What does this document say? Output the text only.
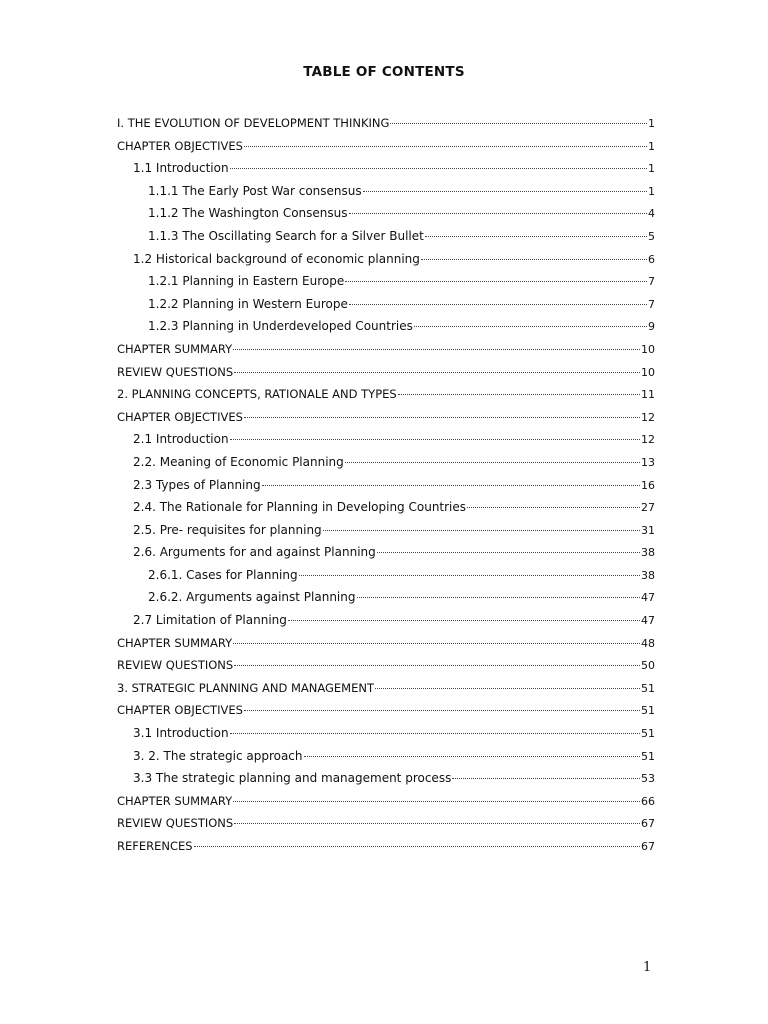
TABLE OF CONTENTS
I. THE EVOLUTION OF DEVELOPMENT THINKING	1
CHAPTER OBJECTIVES	1
1.1 Introduction	1
1.1.1 The Early Post War consensus	1
1.1.2 The Washington Consensus	4
1.1.3 The Oscillating Search for a Silver Bullet	5
1.2 Historical background of economic planning	6
1.2.1 Planning in Eastern Europe	7
1.2.2 Planning in Western Europe	7
1.2.3 Planning in Underdeveloped Countries	9
CHAPTER SUMMARY	10
REVIEW QUESTIONS	10
2. PLANNING CONCEPTS, RATIONALE AND TYPES	11
CHAPTER OBJECTIVES	12
2.1 Introduction	12
2.2. Meaning of Economic Planning	13
2.3 Types of Planning	16
2.4. The Rationale for Planning in Developing Countries	27
2.5. Pre- requisites for planning	31
2.6. Arguments for and against Planning	38
2.6.1. Cases for Planning	38
2.6.2. Arguments against Planning	47
2.7 Limitation of Planning	47
CHAPTER SUMMARY	48
REVIEW QUESTIONS	50
3. STRATEGIC PLANNING AND MANAGEMENT	51
CHAPTER OBJECTIVES	51
3.1 Introduction	51
3. 2. The strategic approach	51
3.3 The strategic planning and management process	53
CHAPTER SUMMARY	66
REVIEW QUESTIONS	67
REFERENCES	67
1
